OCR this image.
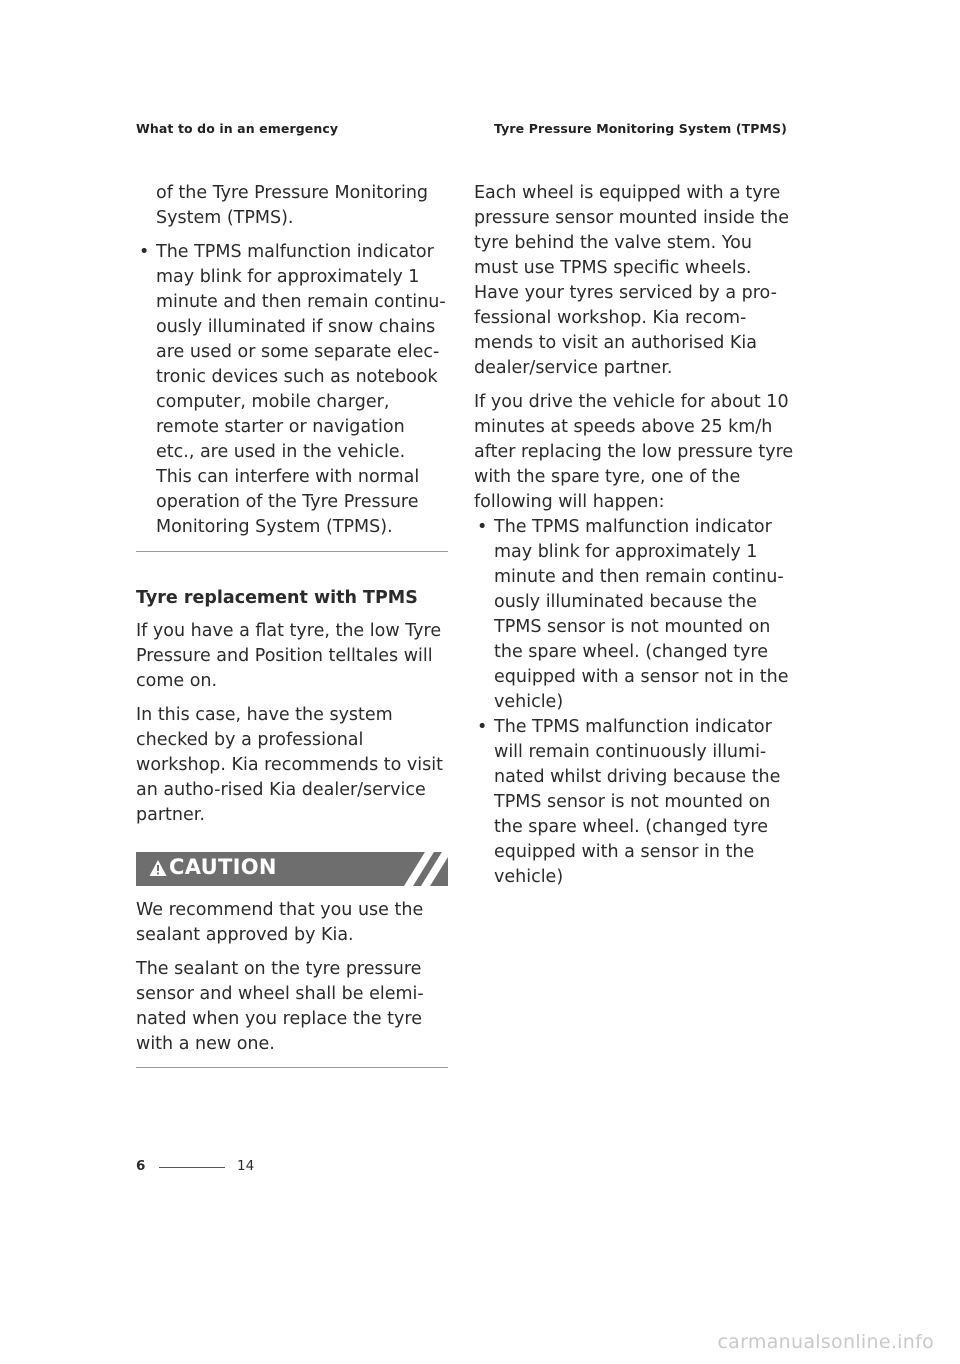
What to do in an emergency	Tyre Pressure Monitoring System (TPMS)

of the Tyre Pressure Monitoring System (TPMS).

• The TPMS malfunction indicator may blink for approximately 1 minute and then remain continu-ously illuminated if snow chains are used or some separate elec-tronic devices such as notebook computer, mobile charger, remote starter or navigation etc., are used in the vehicle.

This can interfere with normal operation of the Tyre Pressure Monitoring System (TPMS).

Tyre replacement with TPMS

If you have a flat tyre, the low Tyre Pressure and Position telltales will come on.

In this case, have the system checked by a professional workshop. Kia recommends to visit an autho-rised Kia dealer/service partner.

CAUTION

We recommend that you use the sealant approved by Kia.

The sealant on the tyre pressure sensor and wheel shall be elemi-nated when you replace the tyre with a new one.

Each wheel is equipped with a tyre pressure sensor mounted inside the tyre behind the valve stem. You must use TPMS specific wheels. Have your tyres serviced by a pro-fessional workshop. Kia recom-mends to visit an authorised Kia dealer/service partner.

If you drive the vehicle for about 10 minutes at speeds above 25 km/h after replacing the low pressure tyre with the spare tyre, one of the following will happen:

• The TPMS malfunction indicator may blink for approximately 1 minute and then remain continu-ously illuminated because the TPMS sensor is not mounted on the spare wheel. (changed tyre equipped with a sensor not in the vehicle)
• The TPMS malfunction indicator will remain continuously illumi-nated whilst driving because the TPMS sensor is not mounted on the spare wheel. (changed tyre equipped with a sensor in the vehicle)
6	14
carmanualsonline.info
